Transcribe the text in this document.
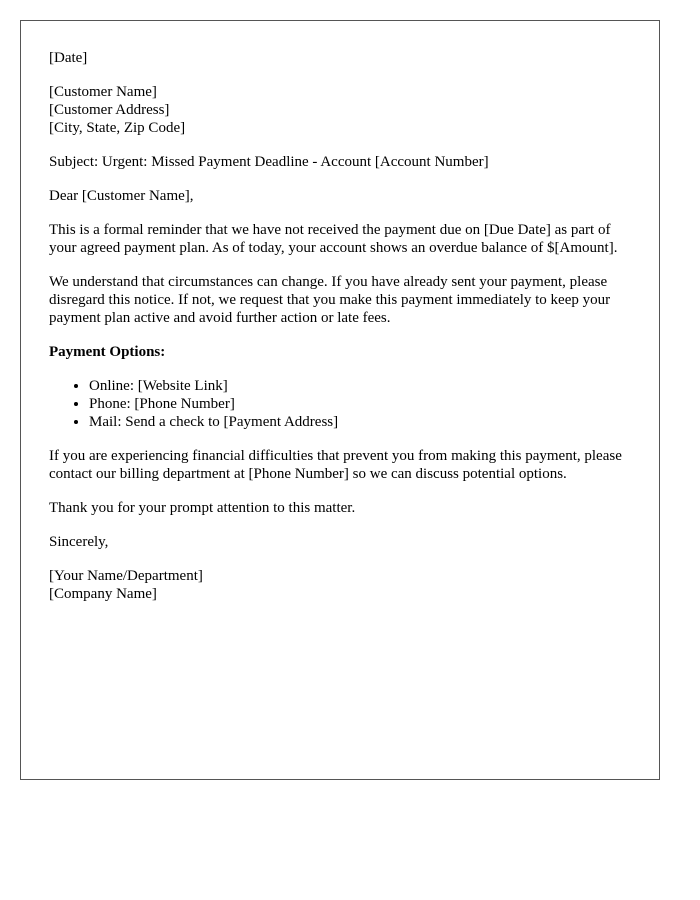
[Date]

[Customer Name]
[Customer Address]
[City, State, Zip Code]

Subject: Urgent: Missed Payment Deadline - Account [Account Number]

Dear [Customer Name],

This is a formal reminder that we have not received the payment due on [Due Date] as part of your agreed payment plan. As of today, your account shows an overdue balance of $[Amount].

We understand that circumstances can change. If you have already sent your payment, please disregard this notice. If not, we request that you make this payment immediately to keep your payment plan active and avoid further action or late fees.

Payment Options:

• Online: [Website Link]
• Phone: [Phone Number]
• Mail: Send a check to [Payment Address]

If you are experiencing financial difficulties that prevent you from making this payment, please contact our billing department at [Phone Number] so we can discuss potential options.

Thank you for your prompt attention to this matter.

Sincerely,

[Your Name/Department]
[Company Name]
